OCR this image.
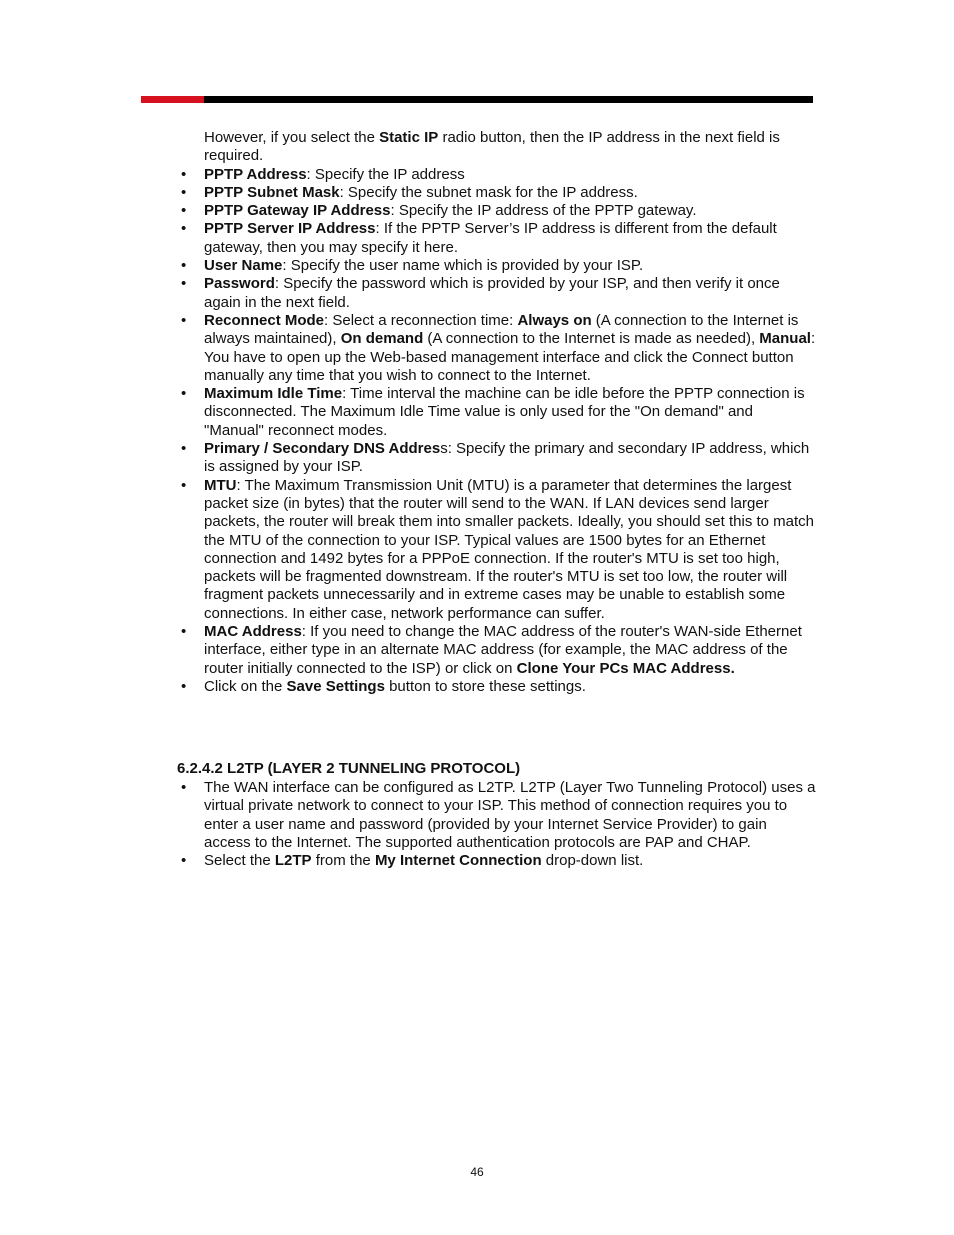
However, if you select the Static IP radio button, then the IP address in the next field is required.

• PPTP Address: Specify the IP address
• PPTP Subnet Mask: Specify the subnet mask for the IP address.
• PPTP Gateway IP Address: Specify the IP address of the PPTP gateway.
• PPTP Server IP Address: If the PPTP Server’s IP address is different from the default gateway, then you may specify it here.
• User Name: Specify the user name which is provided by your ISP.
• Password: Specify the password which is provided by your ISP, and then verify it once again in the next field.
• Reconnect Mode: Select a reconnection time: Always on (A connection to the Internet is always maintained), On demand (A connection to the Internet is made as needed), Manual: You have to open up the Web-based management interface and click the Connect button manually any time that you wish to connect to the Internet.
• Maximum Idle Time: Time interval the machine can be idle before the PPTP connection is disconnected. The Maximum Idle Time value is only used for the "On demand" and "Manual" reconnect modes.
• Primary / Secondary DNS Address: Specify the primary and secondary IP address, which is assigned by your ISP.
• MTU: The Maximum Transmission Unit (MTU) is a parameter that determines the largest packet size (in bytes) that the router will send to the WAN. If LAN devices send larger packets, the router will break them into smaller packets. Ideally, you should set this to match the MTU of the connection to your ISP. Typical values are 1500 bytes for an Ethernet connection and 1492 bytes for a PPPoE connection. If the router's MTU is set too high, packets will be fragmented downstream. If the router's MTU is set too low, the router will fragment packets unnecessarily and in extreme cases may be unable to establish some connections. In either case, network performance can suffer.
• MAC Address: If you need to change the MAC address of the router's WAN-side Ethernet interface, either type in an alternate MAC address (for example, the MAC address of the router initially connected to the ISP) or click on Clone Your PCs MAC Address.
• Click on the Save Settings button to store these settings.
6.2.4.2 L2TP (LAYER 2 TUNNELING PROTOCOL)
• The WAN interface can be configured as L2TP. L2TP (Layer Two Tunneling Protocol) uses a virtual private network to connect to your ISP. This method of connection requires you to enter a user name and password (provided by your Internet Service Provider) to gain access to the Internet. The supported authentication protocols are PAP and CHAP.
• Select the L2TP from the My Internet Connection drop-down list.
46
